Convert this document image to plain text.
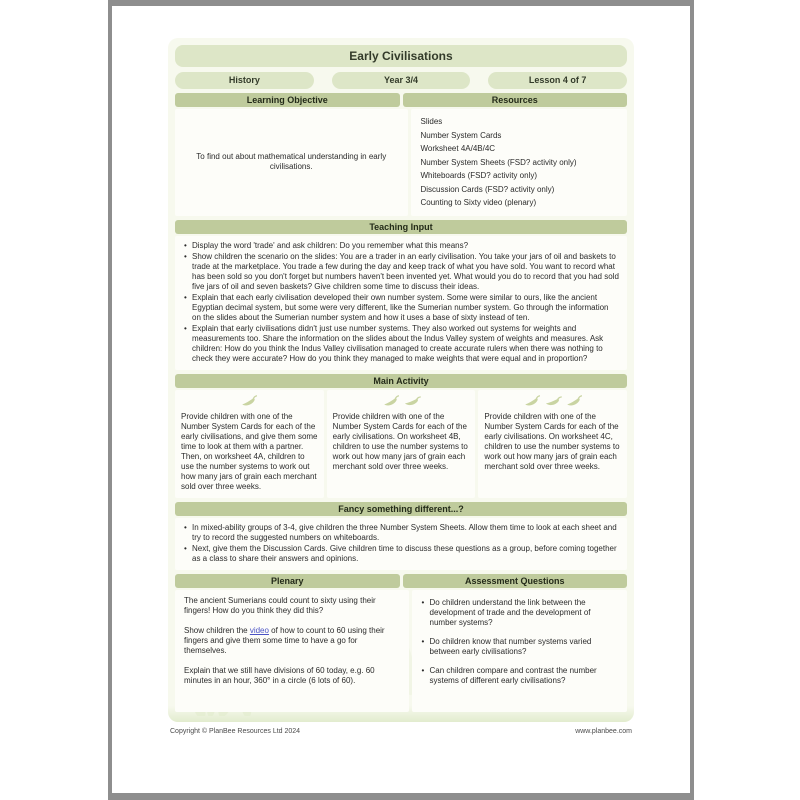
Early Civilisations
History	Year 3/4	Lesson 4 of 7
Learning Objective	Resources
To find out about mathematical understanding in early civilisations.
Slides
Number System Cards
Worksheet 4A/4B/4C
Number System Sheets (FSD? activity only)
Whiteboards (FSD? activity only)
Discussion Cards (FSD? activity only)
Counting to Sixty video (plenary)
Teaching Input
• Display the word 'trade' and ask children: Do you remember what this means?
• Show children the scenario on the slides: You are a trader in an early civilisation. You take your jars of oil and baskets to trade at the marketplace. You trade a few during the day and keep track of what you have sold. You want to record what has been sold so you don't forget but numbers haven't been invented yet. What would you do to record that you had sold five jars of oil and seven baskets? Give children some time to discuss their ideas.
• Explain that each early civilisation developed their own number system. Some were similar to ours, like the ancient Egyptian decimal system, but some were very different, like the Sumerian number system. Go through the information on the slides about the Sumerian number system and how it uses a base of sixty instead of ten.
• Explain that early civilisations didn't just use number systems. They also worked out systems for weights and measurements too. Share the information on the slides about the Indus Valley system of weights and measures. Ask children: How do you think the Indus Valley civilisation managed to create accurate rulers when there was nothing to check they were accurate? How do you think they managed to make weights that were equal and in proportion?
Main Activity
Provide children with one of the Number System Cards for each of the early civilisations, and give them some time to look at them with a partner. Then, on worksheet 4A, children to use the number systems to work out how many jars of grain each merchant sold over three weeks.
Provide children with one of the Number System Cards for each of the early civilisations. On worksheet 4B, children to use the number systems to work out how many jars of grain each merchant sold over three weeks.
Provide children with one of the Number System Cards for each of the early civilisations. On worksheet 4C, children to use the number systems to work out how many jars of grain each merchant sold over three weeks.
Fancy something different...?
• In mixed-ability groups of 3-4, give children the three Number System Sheets. Allow them time to look at each sheet and try to record the suggested numbers on whiteboards.
• Next, give them the Discussion Cards. Give children time to discuss these questions as a group, before coming together as a class to share their answers and opinions.
Plenary	Assessment Questions

The ancient Sumerians could count to sixty using their fingers! How do you think they did this?

Show children the video of how to count to 60 using their fingers and give them some time to have a go for themselves.

Explain that we still have divisions of 60 today, e.g. 60 minutes in an hour, 360° in a circle (6 lots of 60).

• Do children understand the link between the development of trade and the development of number systems?
• Do children know that number systems varied between early civilisations?
• Can children compare and contrast the number systems of different early civilisations?
Copyright © PlanBee Resources Ltd 2024	www.planbee.com
